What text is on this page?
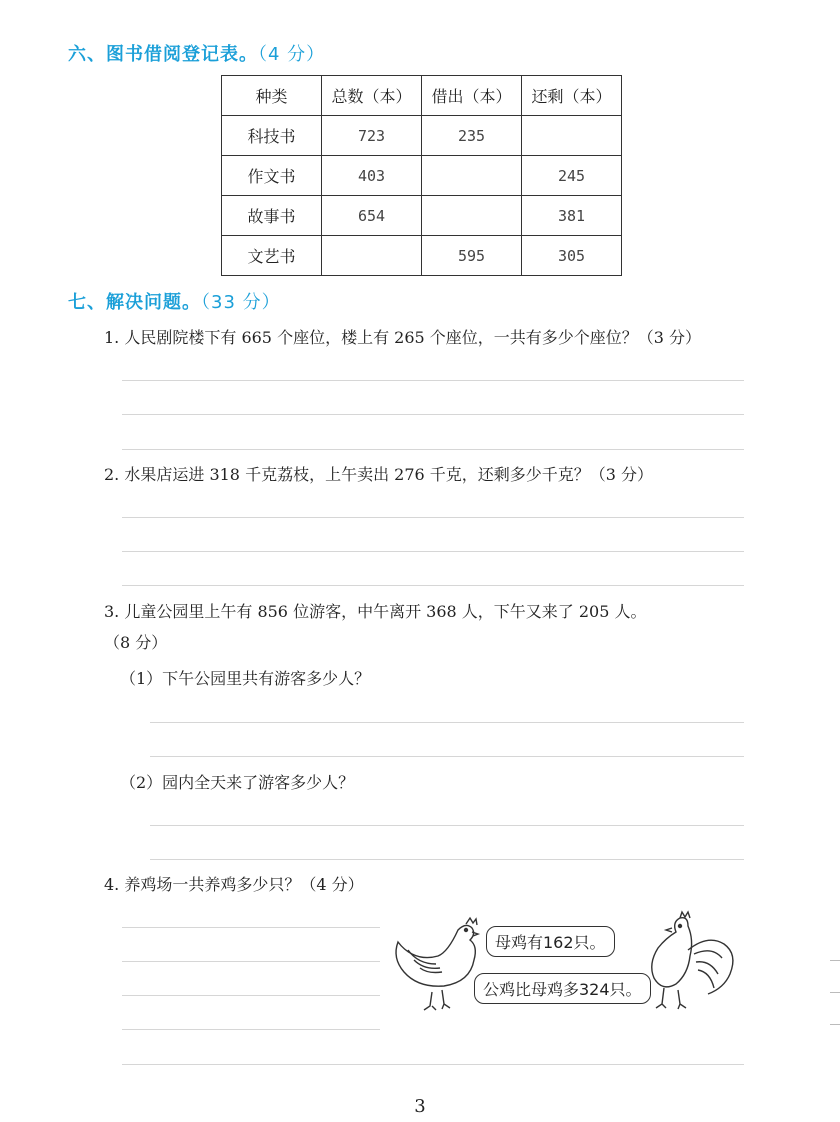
六、图书借阅登记表。（4 分）
种类	总数（本）	借出（本）	还剩（本）
科技书	723	235	
作文书	403		245
故事书	654		381
文艺书		595	305
七、解决问题。（33 分）
1. 人民剧院楼下有 665 个座位，楼上有 265 个座位，一共有多少个座位？（3 分）
2. 水果店运进 318 千克荔枝，上午卖出 276 千克，还剩多少千克？（3 分）
3. 儿童公园里上午有 856 位游客，中午离开 368 人，下午又来了 205 人。
（8 分）
（1）下午公园里共有游客多少人？
（2）园内全天来了游客多少人？
4. 养鸡场一共养鸡多少只？（4 分）
母鸡有162只。
公鸡比母鸡多324只。
3
